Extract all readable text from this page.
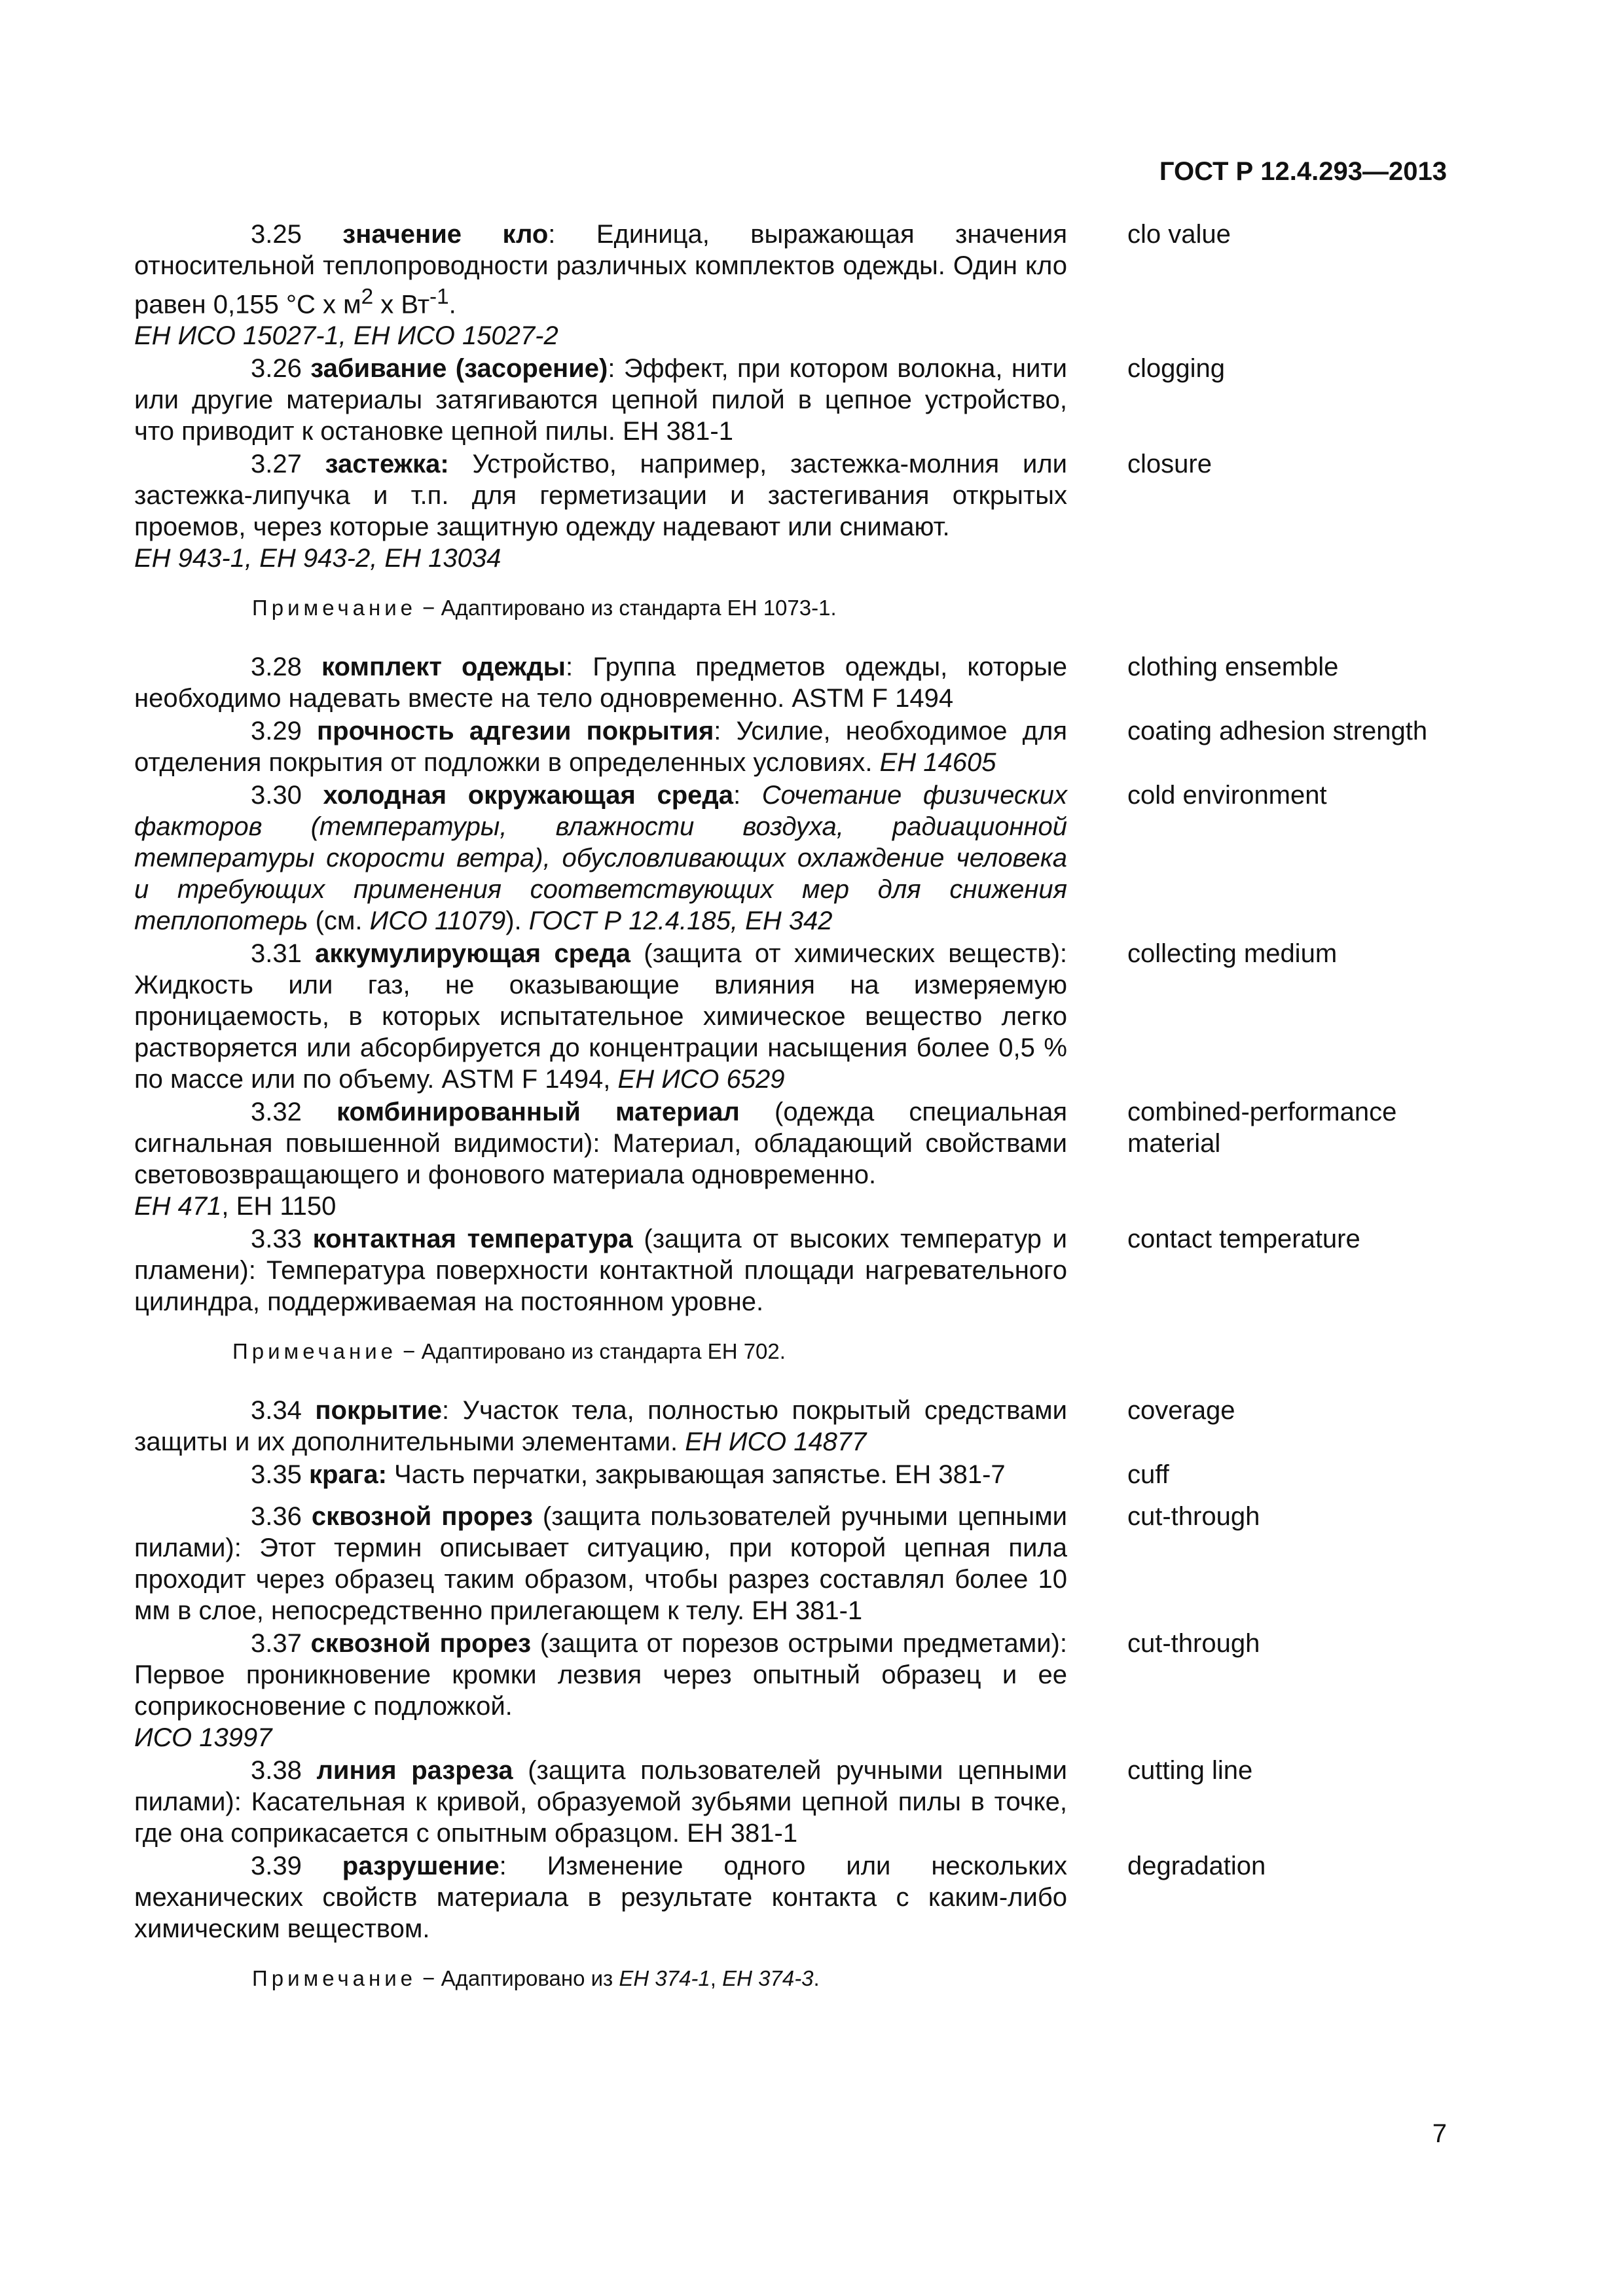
ГОСТ Р 12.4.293—2013
3.25 значение кло: Единица, выражающая значения относительной теплопроводности различных комплектов одежды. Один кло равен 0,155 °C х $м^2$ х $Вт^{-1}$.
ЕН ИСО 15027-1, ЕН ИСО 15027-2
clo value
3.26 забивание (засорение): Эффект, при котором волокна, нити или другие материалы затягиваются цепной пилой в цепное устройство, что приводит к остановке цепной пилы. ЕН 381-1
clogging
3.27 застежка: Устройство, например, застежка-молния или застежка-липучка и т.п. для герметизации и застегивания открытых проемов, через которые защитную одежду надевают или снимают.
ЕН 943-1, ЕН 943-2, ЕН 13034
closure
Примечание − Адаптировано из стандарта ЕН 1073-1.
3.28 комплект одежды: Группа предметов одежды, которые необходимо надевать вместе на тело одновременно. ASTM F 1494
clothing ensemble
3.29 прочность адгезии покрытия: Усилие, необходимое для отделения покрытия от подложки в определенных условиях. ЕН 14605
coating adhesion strength
3.30 холодная окружающая среда: Сочетание физических факторов (температуры, влажности воздуха, радиационной температуры скорости ветра), обусловливающих охлаждение человека и требующих применения соответствующих мер для снижения теплопотерь (см. ИСО 11079). ГОСТ Р 12.4.185, ЕН 342
cold environment
3.31 аккумулирующая среда (защита от химических веществ): Жидкость или газ, не оказывающие влияния на измеряемую проницаемость, в которых испытательное химическое вещество легко растворяется или абсорбируется до концентрации насыщения более 0,5 % по массе или по объему. ASTM F 1494, ЕН ИСО 6529
collecting medium
3.32 комбинированный материал (одежда специальная сигнальная повышенной видимости): Материал, обладающий свойствами световозвращающего и фонового материала одновременно.
ЕН 471, ЕН 1150
combined-performance material
3.33 контактная температура (защита от высоких температур и пламени): Температура поверхности контактной площади нагревательного цилиндра, поддерживаемая на постоянном уровне.
contact temperature
Примечание − Адаптировано из стандарта ЕН 702.
3.34 покрытие: Участок тела, полностью покрытый средствами защиты и их дополнительными элементами. ЕН ИСО 14877
coverage
3.35 крага: Часть перчатки, закрывающая запястье. ЕН 381-7	cuff
3.36 сквозной прорез (защита пользователей ручными цепными пилами): Этот термин описывает ситуацию, при которой цепная пила проходит через образец таким образом, чтобы разрез составлял более 10 мм в слое, непосредственно прилегающем к телу. ЕН 381-1
cut-through
3.37 сквозной прорез (защита от порезов острыми предметами): Первое проникновение кромки лезвия через опытный образец и ее соприкосновение с подложкой.
ИСО 13997
cut-through
3.38 линия разреза (защита пользователей ручными цепными пилами): Касательная к кривой, образуемой зубьями цепной пилы в точке, где она соприкасается с опытным образцом. ЕН 381-1
cutting line
3.39 разрушение: Изменение одного или нескольких механических свойств материала в результате контакта с каким-либо химическим веществом.
degradation
Примечание − Адаптировано из ЕН 374-1, ЕН 374-3.
7
